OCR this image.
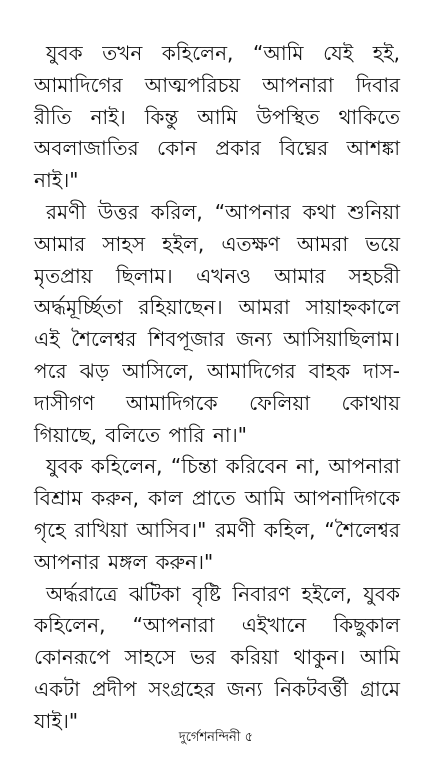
যুবক তখন কহিলেন, “আমি যেই হই, আমাদিগের আত্মপরিচয় আপনারা দিবার রীতি নাই। কিন্তু আমি উপস্থিত থাকিতে অবলাজাতির কোন প্রকার বিঘ্নের আশঙ্কা নাই।"

রমণী উত্তর করিল, “আপনার কথা শুনিয়া আমার সাহস হইল, এতক্ষণ আমরা ভয়ে মৃতপ্রায় ছিলাম। এখনও আমার সহচরী অর্দ্ধমূর্চ্ছিতা রহিয়াছেন। আমরা সায়াহ্নকালে এই শৈলেশ্বর শিবপূজার জন্য আসিয়াছিলাম। পরে ঝড় আসিলে, আমাদিগের বাহক দাস-দাসীগণ আমাদিগকে ফেলিয়া কোথায় গিয়াছে, বলিতে পারি না।"

যুবক কহিলেন, “চিন্তা করিবেন না, আপনারা বিশ্রাম করুন, কাল প্রাতে আমি আপনাদিগকে গৃহে রাখিয়া আসিব।" রমণী কহিল, “শৈলেশ্বর আপনার মঙ্গল করুন।"

অর্দ্ধরাত্রে ঝটিকা বৃষ্টি নিবারণ হইলে, যুবক কহিলেন, “আপনারা এইখানে কিছুকাল কোনরূপে সাহসে ভর করিয়া থাকুন। আমি একটা প্রদীপ সংগ্রহের জন্য নিকটবর্ত্তী গ্রামে যাই।"

দুর্গেশনন্দিনী ৫
